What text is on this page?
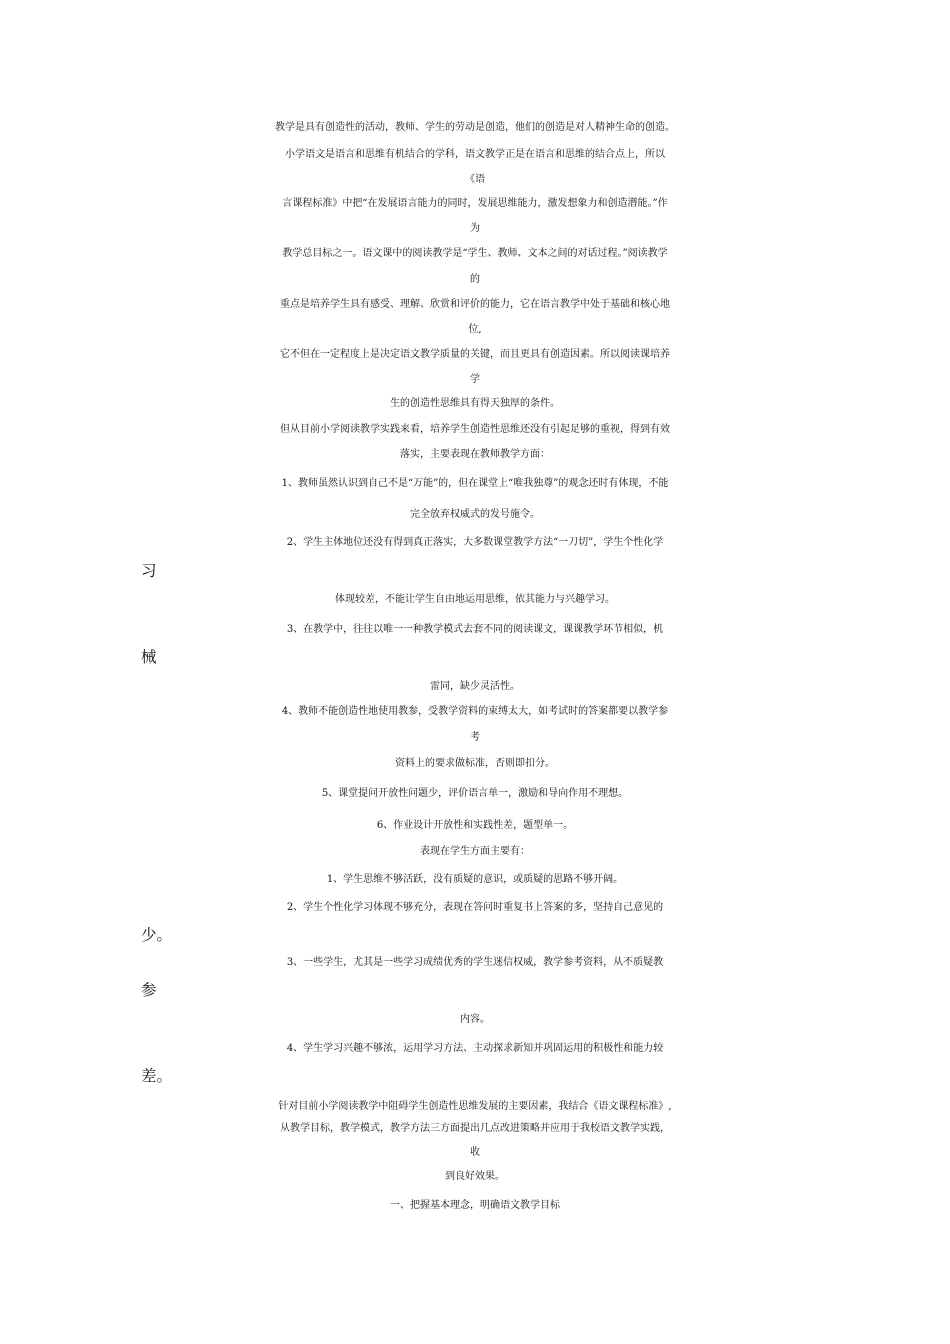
教学是具有创造性的活动，教师、学生的劳动是创造，他们的创造是对人精神生命的创造。
小学语文是语言和思维有机结合的学科，语文教学正是在语言和思维的结合点上，所以
《语
言课程标准》中把“在发展语言能力的同时，发展思维能力，激发想象力和创造潜能。”作
为
教学总目标之一。语文课中的阅读教学是“学生、教师、文本之间的对话过程。”阅读教学
的
重点是培养学生具有感受、理解、欣赏和评价的能力，它在语言教学中处于基础和核心地
位,
它不但在一定程度上是决定语文教学质量的关键，而且更具有创造因素。所以阅读课培养
学
生的创造性思维具有得天独厚的条件。
但从目前小学阅读教学实践来看，培养学生创造性思维还没有引起足够的重视，得到有效
落实，主要表现在教师教学方面：
1、教师虽然认识到自己不是“万能”的，但在课堂上“唯我独尊”的观念还时有体现，不能
完全放弃权威式的发号施令。
2、学生主体地位还没有得到真正落实，大多数课堂教学方法“一刀切”，学生个性化学
习
体现较差，不能让学生自由地运用思维，依其能力与兴趣学习。
3、在教学中，往往以唯一一种教学模式去套不同的阅读课文，课课教学环节相似，机
械
雷同，缺少灵活性。
4、教师不能创造性地使用教参，受教学资料的束缚太大，如考试时的答案都要以教学参
考
资料上的要求做标准，否则即扣分。
5、课堂提问开放性问题少，评价语言单一，激励和导向作用不理想。
6、作业设计开放性和实践性差，题型单一。
表现在学生方面主要有：
1、学生思维不够活跃，没有质疑的意识，或质疑的思路不够开阔。
2、学生个性化学习体现不够充分，表现在答问时重复书上答案的多，坚持自己意见的
少。
3、一些学生，尤其是一些学习成绩优秀的学生迷信权威，教学参考资料，从不质疑教
参
内容。
4、学生学习兴趣不够浓，运用学习方法、主动探求新知并巩固运用的积极性和能力较
差。
针对目前小学阅读教学中阻碍学生创造性思维发展的主要因素，我结合《语文课程标准》,
从教学目标，教学模式，教学方法三方面提出几点改进策略并应用于我校语文教学实践，
收
到良好效果。
一、把握基本理念，明确语文教学目标
